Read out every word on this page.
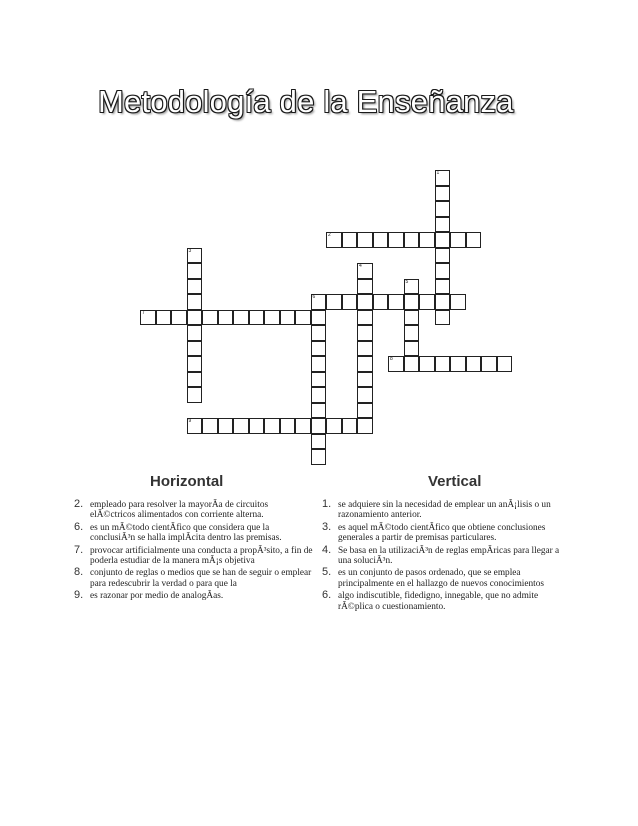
Metodología de la Enseñanza
1
2
3
4
5
6
7
8
9
Horizontal
2. empleado para resolver la mayorÃa de circuitos elÃ©ctricos alimentados con corriente alterna.
6. es un mÃ©todo cientÃfico que considera que la conclusiÃ³n se halla implÃcita dentro las premisas.
7. provocar artificialmente una conducta a propÃ³sito, a fin de poderla estudiar de la manera mÃ¡s objetiva
8. conjunto de reglas o medios que se han de seguir o emplear para redescubrir la verdad o para que la
9. es razonar por medio de analogÃas.
Vertical
1. se adquiere sin la necesidad de emplear un anÃ¡lisis o un razonamiento anterior.
3. es aquel mÃ©todo cientÃfico que obtiene conclusiones generales a partir de premisas particulares.
4. Se basa en la utilizaciÃ³n de reglas empÃricas para llegar a una soluciÃ³n.
5. es un conjunto de pasos ordenado, que se emplea principalmente en el hallazgo de nuevos conocimientos
6. algo indiscutible, fidedigno, innegable, que no admite rÃ©plica o cuestionamiento.
